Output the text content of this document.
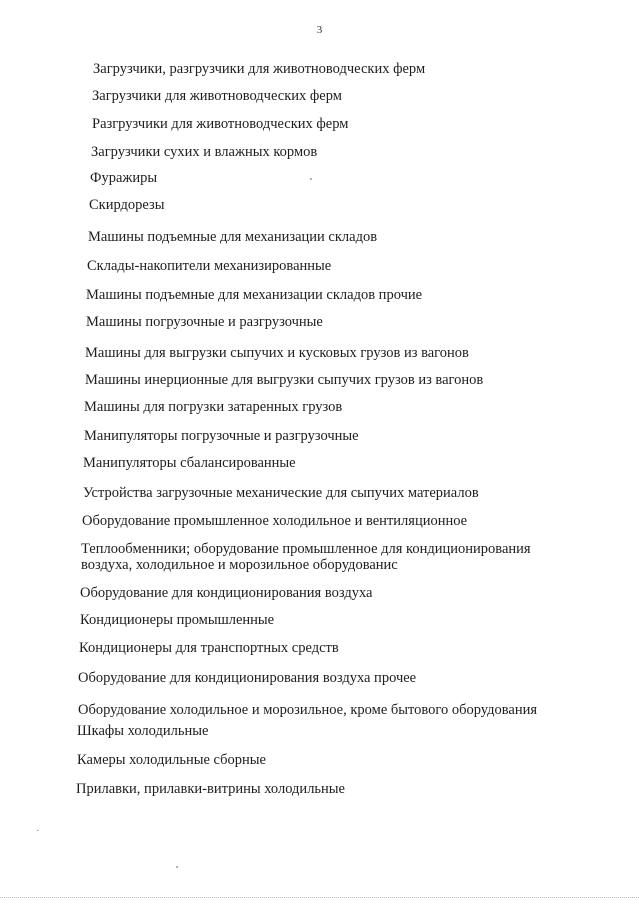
3
Загрузчики, разгрузчики для животноводческих ферм
Загрузчики для животноводческих ферм
Разгрузчики для животноводческих ферм
Загрузчики сухих и влажных кормов
Фуражиры
Скирдорезы
Машины подъемные для механизации складов
Склады-накопители механизированные
Машины подъемные для механизации складов прочие
Машины погрузочные и разгрузочные
Машины для выгрузки сыпучих и кусковых грузов из вагонов
Машины инерционные для выгрузки сыпучих грузов из вагонов
Машины для погрузки затаренных грузов
Манипуляторы погрузочные и разгрузочные
Манипуляторы сбалансированные
Устройства загрузочные механические для сыпучих материалов
Оборудование промышленное холодильное и вентиляционное
Теплообменники; оборудование промышленное для кондиционирования воздуха, холодильное и морозильное оборудованис
Оборудование для кондиционирования воздуха
Кондиционеры промышленные
Кондиционеры для транспортных средств
Оборудование для кондиционирования воздуха прочее
Оборудование холодильное и морозильное, кроме бытового оборудования
Шкафы холодильные
Камеры холодильные сборные
Прилавки, прилавки-витрины холодильные
